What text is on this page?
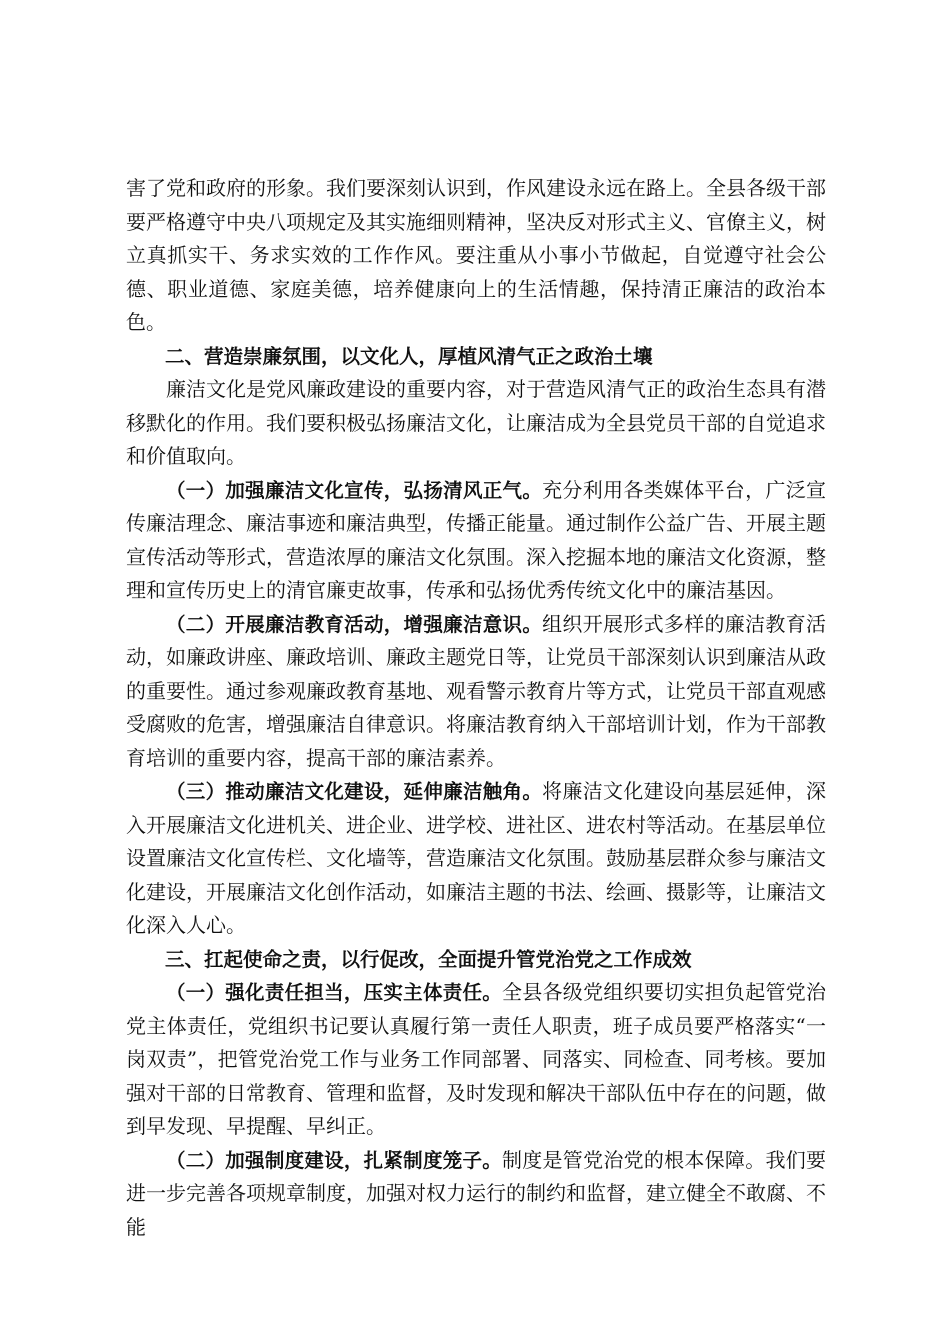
害了党和政府的形象。我们要深刻认识到，作风建设永远在路上。全县各级干部要严格遵守中央八项规定及其实施细则精神，坚决反对形式主义、官僚主义，树立真抓实干、务求实效的工作作风。要注重从小事小节做起，自觉遵守社会公德、职业道德、家庭美德，培养健康向上的生活情趣，保持清正廉洁的政治本色。

二、营造崇廉氛围，以文化人，厚植风清气正之政治土壤

廉洁文化是党风廉政建设的重要内容，对于营造风清气正的政治生态具有潜移默化的作用。我们要积极弘扬廉洁文化，让廉洁成为全县党员干部的自觉追求和价值取向。

（一）加强廉洁文化宣传，弘扬清风正气。充分利用各类媒体平台，广泛宣传廉洁理念、廉洁事迹和廉洁典型，传播正能量。通过制作公益广告、开展主题宣传活动等形式，营造浓厚的廉洁文化氛围。深入挖掘本地的廉洁文化资源，整理和宣传历史上的清官廉吏故事，传承和弘扬优秀传统文化中的廉洁基因。

（二）开展廉洁教育活动，增强廉洁意识。组织开展形式多样的廉洁教育活动，如廉政讲座、廉政培训、廉政主题党日等，让党员干部深刻认识到廉洁从政的重要性。通过参观廉政教育基地、观看警示教育片等方式，让党员干部直观感受腐败的危害，增强廉洁自律意识。将廉洁教育纳入干部培训计划，作为干部教育培训的重要内容，提高干部的廉洁素养。

（三）推动廉洁文化建设，延伸廉洁触角。将廉洁文化建设向基层延伸，深入开展廉洁文化进机关、进企业、进学校、进社区、进农村等活动。在基层单位设置廉洁文化宣传栏、文化墙等，营造廉洁文化氛围。鼓励基层群众参与廉洁文化建设，开展廉洁文化创作活动，如廉洁主题的书法、绘画、摄影等，让廉洁文化深入人心。

三、扛起使命之责，以行促改，全面提升管党治党之工作成效

（一）强化责任担当，压实主体责任。全县各级党组织要切实担负起管党治党主体责任，党组织书记要认真履行第一责任人职责，班子成员要严格落实“一岗双责”，把管党治党工作与业务工作同部署、同落实、同检查、同考核。要加强对干部的日常教育、管理和监督，及时发现和解决干部队伍中存在的问题，做到早发现、早提醒、早纠正。

（二）加强制度建设，扎紧制度笼子。制度是管党治党的根本保障。我们要进一步完善各项规章制度，加强对权力运行的制约和监督，建立健全不敢腐、不能
